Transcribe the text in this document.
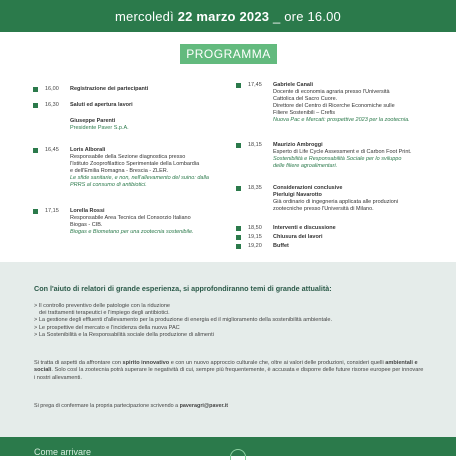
mercoledì 22 marzo 2023 _ ore 16.00
PROGRAMMA
16,00 Registrazione dei partecipanti
16,30 Saluti ed apertura lavori
Giuseppe Parenti
Presidente Paver S.p.A.
16,45 Loris Alborali
Responsabile della Sezione diagnostica presso
l'Istituto Zooprofilattico Sperimentale della Lombardia
e dell'Emilia Romagna - Brescia - ZLER.
Le sfide sanitarie, e non, nell'allevamento del suino: dalla
PRRS al consumo di antibiotici.
17,15 Lorella Rossi
Responsabile Area Tecnica del Consorzio Italiano
Biogas - CIB.
Biogas e Biometano per una zootecnia sostenibile.
17,45 Gabriele Canali
Docente di economia agraria presso l'Università
Cattolica del Sacro Cuore.
Direttore del Centro di Ricerche Economiche sulle
Filiere Sostenibili – Crefis
Nuova Pac e Mercati: prospettive 2023 per la zootecnia.
18,15 Maurizio Ambroggi
Esperto di Life Cycle Assessment e di Carbon Foot Print.
Sostenibilità e Responsabilità Sociale per lo sviluppo
delle filiere agroalimentari.
18,35 Considerazioni conclusive
Pierluigi Navarotto
Già ordinario di ingegneria applicata alle produzioni
zootecniche presso l'Università di Milano.
18,50 Interventi e discussione
19,15 Chiusura dei lavori
19,20 Buffet
Con l'aiuto di relatori di grande esperienza, si approfondiranno temi di grande attualità:
> Il controllo preventivo delle patologie con la riduzione
dei trattamenti terapeutici e l'impiego degli antibiotici.
> La gestione degli effluenti d'allevamento per la produzione di energia ed il miglioramento della sostenibilità ambientale.
> Le prospettive del mercato e l'incidenza della nuova PAC
> La Sostenibilità e la Responsabilità sociale della produzione di alimenti
Si tratta di aspetti da affrontare con spirito innovativo e con un nuovo approccio culturale che, oltre ai valori delle produzioni, consideri quelli ambientali e sociali. Solo così la zootecnia potrà superare le negatività di cui, sempre più frequentemente, è accusata e disporre delle future risorse europee per innovare i nostri allevamenti.
Si prega di confermare la propria partecipazione scrivendo a paveragri@paver.it
Come arrivare
